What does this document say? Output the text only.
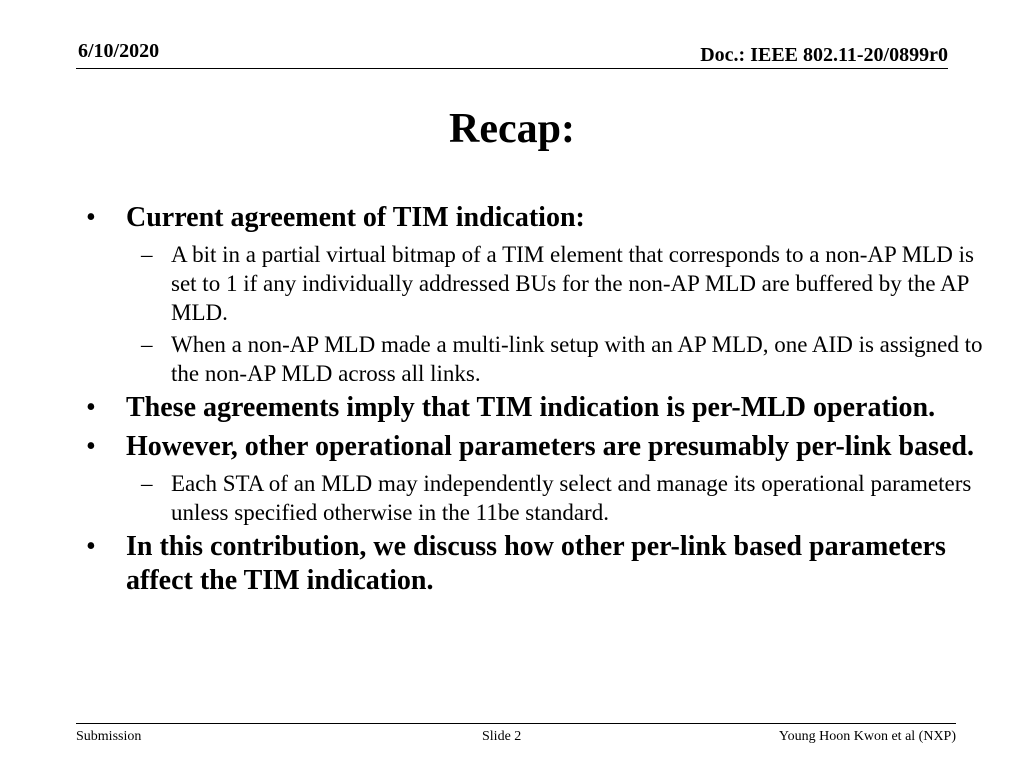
6/10/2020	Doc.: IEEE 802.11-20/0899r0
Recap:
•	Current agreement of TIM indication:
– A bit in a partial virtual bitmap of a TIM element that corresponds to a non-AP MLD is set to 1 if any individually addressed BUs for the non-AP MLD are buffered by the AP MLD.
– When a non-AP MLD made a multi-link setup with an AP MLD, one AID is assigned to the non-AP MLD across all links.
•	These agreements imply that TIM indication is per-MLD operation.
•	However, other operational parameters are presumably per-link based.
– Each STA of an MLD may independently select and manage its operational parameters unless specified otherwise in the 11be standard.
•	In this contribution, we discuss how other per-link based parameters affect the TIM indication.
Submission	Slide 2	Young Hoon Kwon et al (NXP)
